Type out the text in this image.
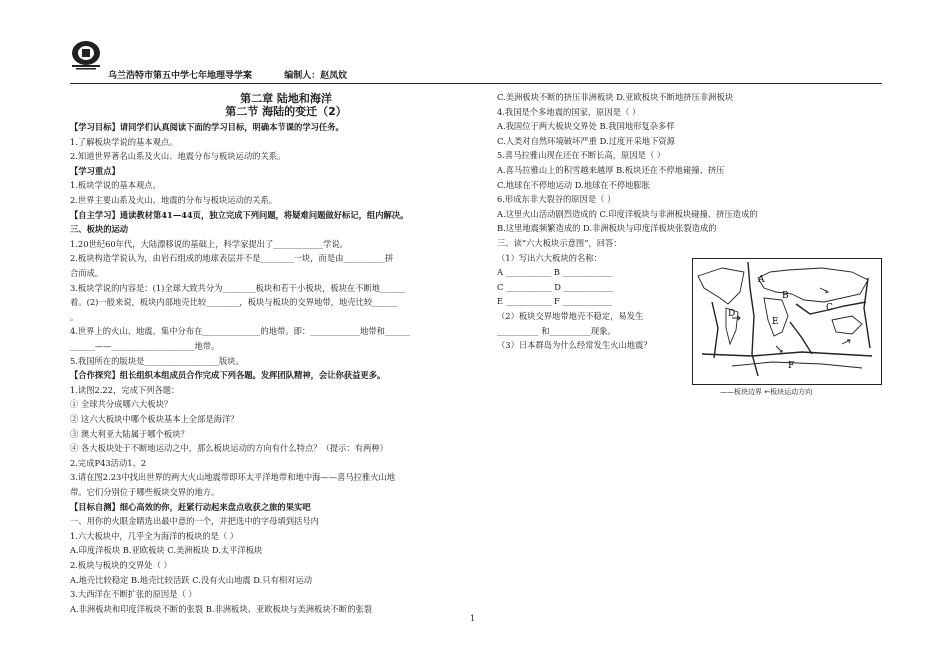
乌兰浩特市第五中学七年地理导学案	编制人：赵凤妏
第二章 陆地和海洋
第二节 海陆的变迁（2）
【学习目标】请同学们认真阅读下面的学习目标，明确本节课的学习任务。
1.了解板块学说的基本观点。
2.知道世界著名山系及火山、地震分布与板块运动的关系。
【学习重点】
1.板块学说的基本观点。
2.世界主要山系及火山、地震的分布与板块运动的关系。
【自主学习】通读教材第41—44页，独立完成下列问题，将疑难问题做好标记，组内解决。
三、板块的运动
1.20世纪60年代，大陆漂移说的基础上，科学家提出了____________学说。
2.板块构造学说认为，由岩石组成的地球表层并不是________一块，而是由__________拼
合而成。
3.板块学说的内容是：(1)全球大致共分为________板块和若干小板块，板块在不断地______
着。(2)一般来说，板块内部地壳比较________，板块与板块的交界地带，地壳比较______
。
4.世界上的火山、地震，集中分布在______________的地带。即：____________地带和______
______——____________________地带。
5.我国所在的版块是__________________版块。
【合作探究】组长组织本组成员合作完成下列各题。发挥团队精神，会让你获益更多。
1.读图2.22，完成下列各题：
① 全球共分成哪六大板块？
② 这六大板块中哪个板块基本上全部是海洋？
③ 澳大利亚大陆属于哪个板块？
④ 各大板块处于不断地运动之中，那么板块运动的方向有什么特点？（提示：有两种）
2.完成P43活动1、2
3.请在图2.23中找出世界的两大火山地震带即环太平洋地带和地中海——喜马拉雅火山地
带。它们分别位于哪些板块交界的地方。
【目标自测】细心高效的你，赶紧行动起来盘点收获之旅的果实吧
一、用你的火眼金睛选出最中意的一个，并把选中的字母填到括号内
1.六大板块中，几乎全为海洋的板块的是（ ）
A.印度洋板块 B.亚欧板块 C.美洲板块 D.太平洋板块
2.板块与板块的交界处（ ）
A.地壳比较稳定 B.地壳比较活跃 C.没有火山地震 D.只有相对运动
3.大西洋在不断扩张的原因是（ ）
A.非洲板块和印度洋板块不断的张裂 B.非洲板块、亚欧板块与美洲板块不断的张裂
C.美洲板块不断的挤压非洲板块 D.亚欧板块不断地挤压非洲板块
4.我国是个多地震的国家，原因是（ ）
A.我国位于两大板块交界处 B.我国地形复杂多样
C.人类对自然环境破坏严重 D.过度开采地下资源
5.喜马拉雅山现在还在不断长高，原因是（ ）
A.喜马拉雅山上的积雪越来越厚 B.板块还在不停地碰撞、挤压
C.地球在不停地运动 D.地球在不停地膨胀
6.形成东非大裂谷的原因是（ ）
A.这里火山活动剧烈造成的 C.印度洋板块与非洲板块碰撞、挤压造成的
B.这里地震频繁造成的 D.非洲板块与印度洋板块张裂造成的
三、读“六大板块示意图”，回答：
（1）写出六大板块的名称：
A ___________ B ____________
C ___________ D ____________
E ___________ F ____________
（2）板块交界地带地壳不稳定，易发生
__________ 和__________现象。
（3）日本群岛为什么经常发生火山地震？
A
B
C
D
E
F
——板块边界 ←板块运动方向
1
